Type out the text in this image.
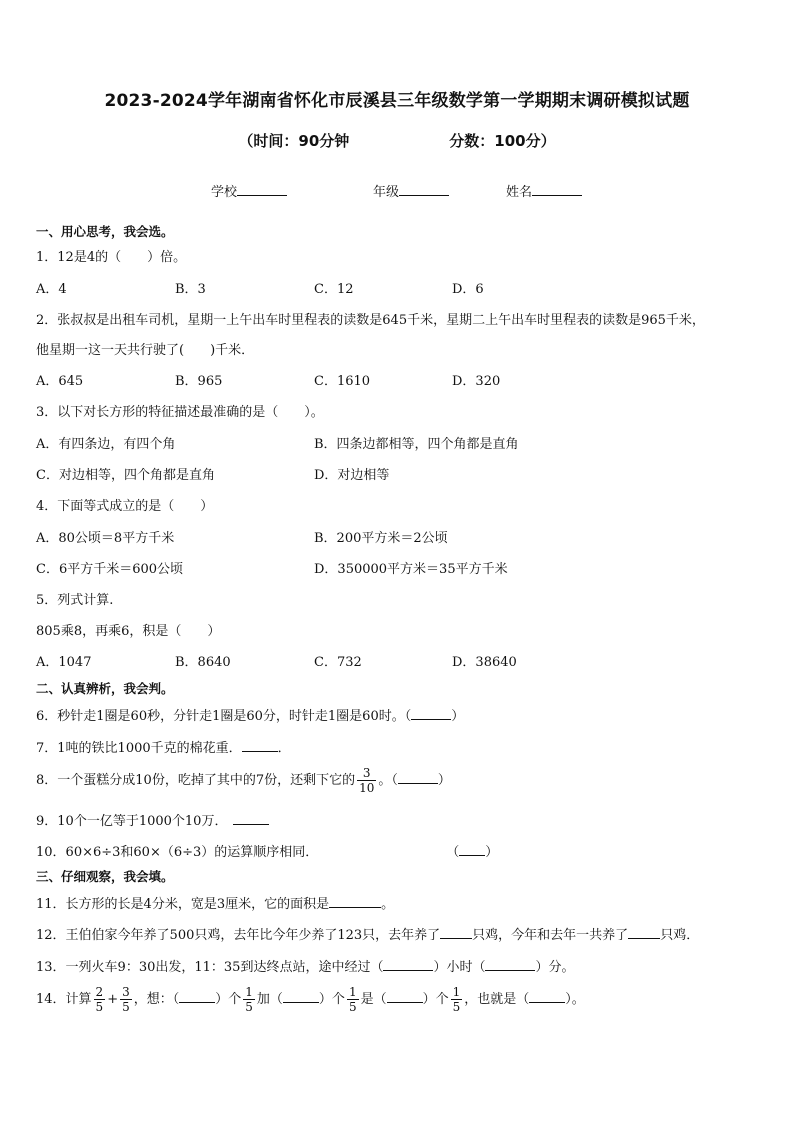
2023-2024学年湖南省怀化市辰溪县三年级数学第一学期期末调研模拟试题
（时间：90分钟	分数：100分）
学校	年级	姓名
一、用心思考，我会选。
1．12是4的（　　）倍。
A．4	B．3	C．12	D．6
2．张叔叔是出租车司机，星期一上午出车时里程表的读数是645千米，星期二上午出车时里程表的读数是965千米，
他星期一这一天共行驶了(　　)千米．
A．645	B．965	C．1610	D．320
3．以下对长方形的特征描述最准确的是（　　）。
A．有四条边，有四个角	B．四条边都相等，四个角都是直角
C．对边相等，四个角都是直角	D．对边相等
4．下面等式成立的是（　　）
A．80公顷＝8平方千米	B．200平方米＝2公顷
C．6平方千米＝600公顷	D．350000平方米＝35平方千米
5．列式计算.
805乘8，再乘6，积是（　　）
A．1047	B．8640	C．732	D．38640
二、认真辨析，我会判。
6．秒针走1圈是60秒，分针走1圈是60分，时针走1圈是60时。（	）
7．1吨的铁比1000千克的棉花重．	．
8．一个蛋糕分成10份，吃掉了其中的7份，还剩下它的 $\frac{3}{10}$ 。（	）
9．10个一亿等于1000个10万．
10．60×6÷3和60×（6÷3）的运算顺序相同．	（ ）
三、仔细观察，我会填。
11．长方形的长是4分米，宽是3厘米，它的面积是	。
12．王伯伯家今年养了500只鸡，去年比今年少养了123只，去年养了 只鸡，今年和去年一共养了 只鸡．
13．一列火车9：30出发，11：35到达终点站，途中经过（	）小时（	）分。
14．计算 $\frac{2}{5} + \frac{3}{5}$ ，想：（	）个 $\frac{1}{5}$ 加（	）个 $\frac{1}{5}$ 是（	）个 $\frac{1}{5}$ ，也就是（	）。
